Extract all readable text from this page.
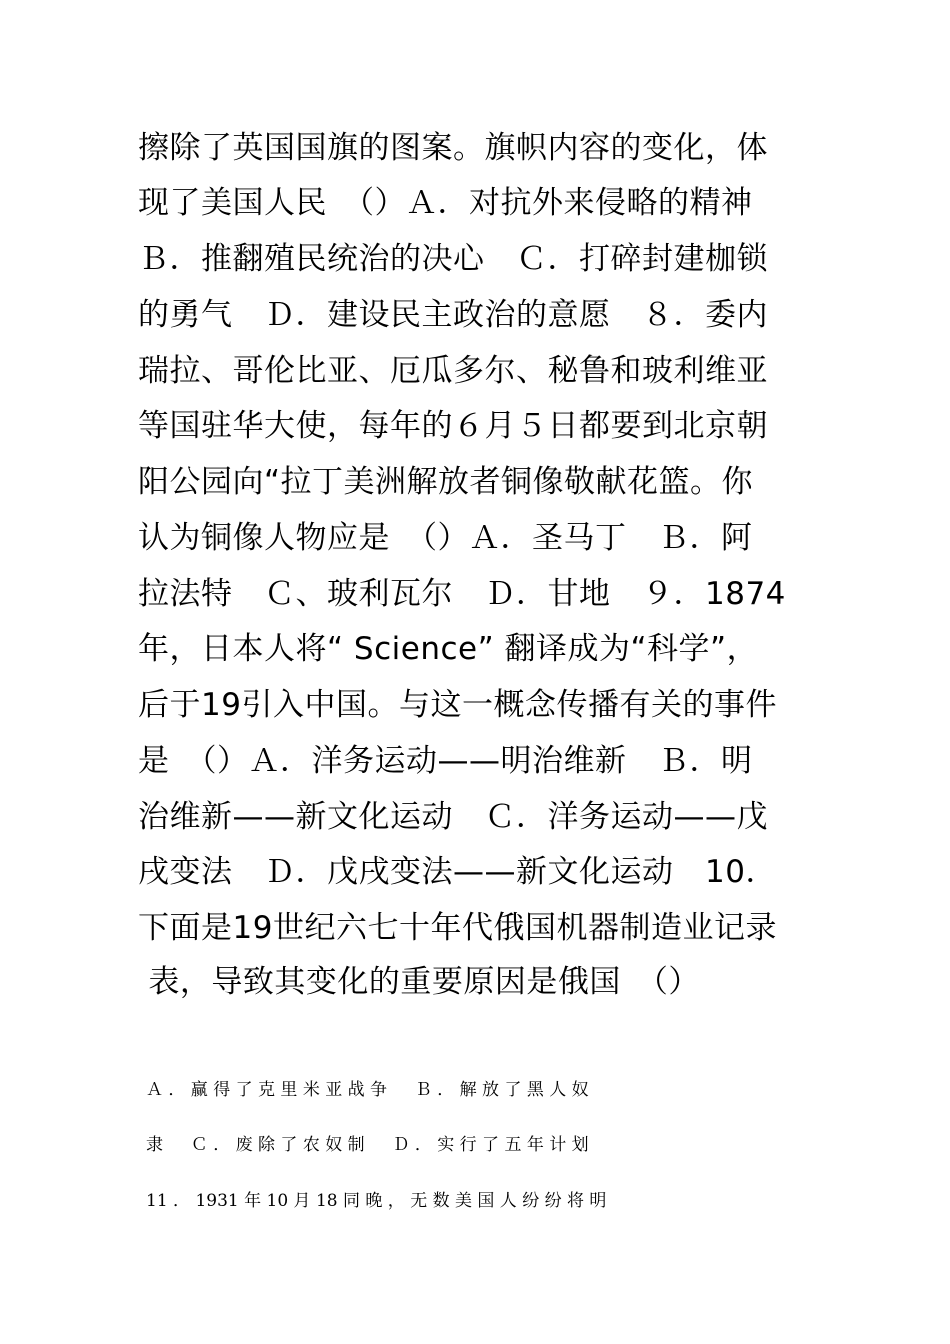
擦除了英国国旗的图案。旗帜内容的变化，体
现了美国人民　（）Ａ．对抗外来侵略的精神
Ｂ．推翻殖民统治的决心　Ｃ．打碎封建枷锁
的勇气　Ｄ．建设民主政治的意愿　８．委内
瑞拉、哥伦比亚、厄瓜多尔、秘鲁和玻利维亚
等国驻华大使，每年的６月５日都要到北京朝
阳公园向“拉丁美洲解放者铜像敬献花篮。你
认为铜像人物应是　（）Ａ．圣马丁　Ｂ．阿
拉法特　Ｃ、玻利瓦尔　Ｄ．甘地　９．1874
年，日本人将“ Science” 翻译成为“科学”，
后于19引入中国。与这一概念传播有关的事件
是　（）Ａ．洋务运动——明治维新　Ｂ．明
治维新——新文化运动　Ｃ．洋务运动——戊
戌变法　Ｄ．戊戌变法——新文化运动　10．
下面是19世纪六七十年代俄国机器制造业记录
表，导致其变化的重要原因是俄国　（）
Ａ ． 赢 得 了 克 里 米 亚 战 争 　 Ｂ ． 解 放 了 黑 人 奴
隶 　 Ｃ ． 废 除 了 农 奴 制 　 Ｄ ． 实 行 了 五 年 计 划
11 ． 1931 年 10 月 18 同 晚 ， 无 数 美 国 人 纷 纷 将 明
